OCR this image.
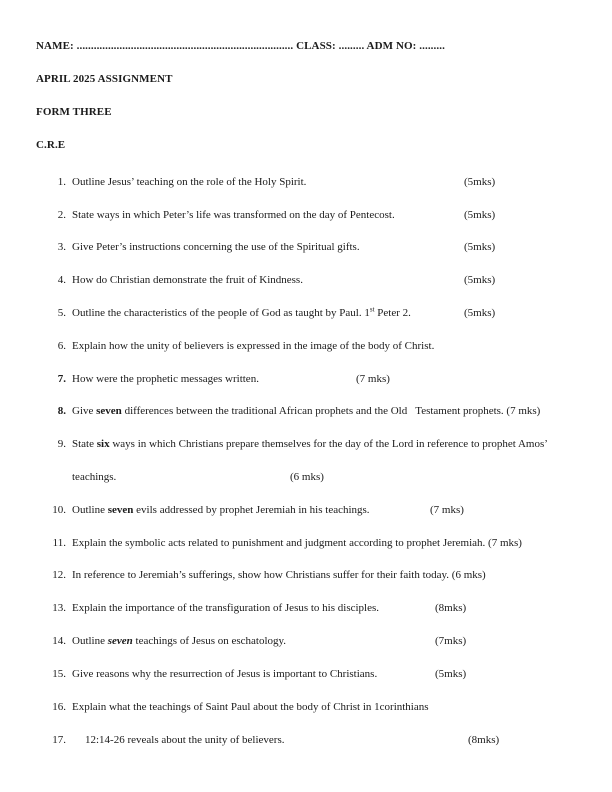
NAME: ............................................................................ CLASS: ......... ADM NO: .........
APRIL 2025 ASSIGNMENT
FORM THREE
C.R.E
1. Outline Jesus’ teaching on the role of the Holy Spirit.	(5mks)
2. State ways in which Peter’s life was transformed on the day of Pentecost.	(5mks)
3. Give Peter’s instructions concerning the use of the Spiritual gifts.	(5mks)
4. How do Christian demonstrate the fruit of Kindness.	(5mks)
5. Outline the characteristics of the people of God as taught by Paul. 1st Peter 2.	(5mks)
6. Explain how the unity of believers is expressed in the image of the body of Christ.
7. How were the prophetic messages written.	(7 mks)
8. Give seven differences between the traditional African prophets and the Old   Testament prophets. (7 mks)
9. State six ways in which Christians prepare themselves for the day of the Lord in reference to prophet Amos’
teachings.	(6 mks)
10. Outline seven evils addressed by prophet Jeremiah in his teachings.	(7 mks)
11. Explain the symbolic acts related to punishment and judgment according to prophet Jeremiah. (7 mks)
12. In reference to Jeremiah’s sufferings, show how Christians suffer for their faith today. (6 mks)
13. Explain the importance of the transfiguration of Jesus to his disciples.	(8mks)
14. Outline seven teachings of Jesus on eschatology.	(7mks)
15. Give reasons why the resurrection of Jesus is important to Christians.	(5mks)
16. Explain what the teachings of Saint Paul about the body of Christ in 1corinthians
17. 12:14-26 reveals about the unity of believers.	(8mks)
